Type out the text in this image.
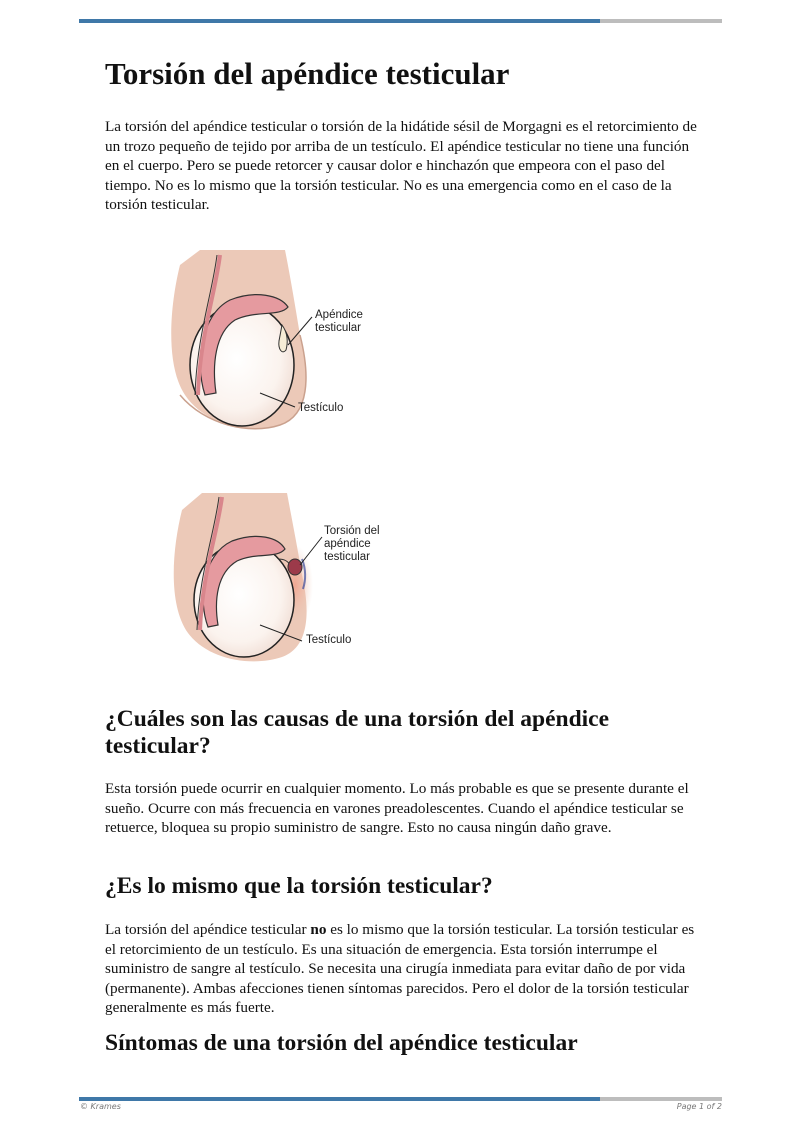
Torsión del apéndice testicular

La torsión del apéndice testicular o torsión de la hidátide sésil de Morgagni es el retorcimiento de un trozo pequeño de tejido por arriba de un testículo. El apéndice testicular no tiene una función en el cuerpo. Pero se puede retorcer y causar dolor e hinchazón que empeora con el paso del tiempo. No es lo mismo que la torsión testicular. No es una emergencia como en el caso de la torsión testicular.

Apéndice
testicular
Testículo
Torsión del
apéndice
testicular
Testículo
¿Cuáles son las causas de una torsión del apéndice testicular?

Esta torsión puede ocurrir en cualquier momento. Lo más probable es que se presente durante el sueño. Ocurre con más frecuencia en varones preadolescentes. Cuando el apéndice testicular se retuerce, bloquea su propio suministro de sangre. Esto no causa ningún daño grave.

¿Es lo mismo que la torsión testicular?

La torsión del apéndice testicular no es lo mismo que la torsión testicular. La torsión testicular es el retorcimiento de un testículo. Es una situación de emergencia. Esta torsión interrumpe el suministro de sangre al testículo. Se necesita una cirugía inmediata para evitar daño de por vida (permanente). Ambas afecciones tienen síntomas parecidos. Pero el dolor de la torsión testicular generalmente es más fuerte.

Síntomas de una torsión del apéndice testicular
© Krames	Page 1 of 2
